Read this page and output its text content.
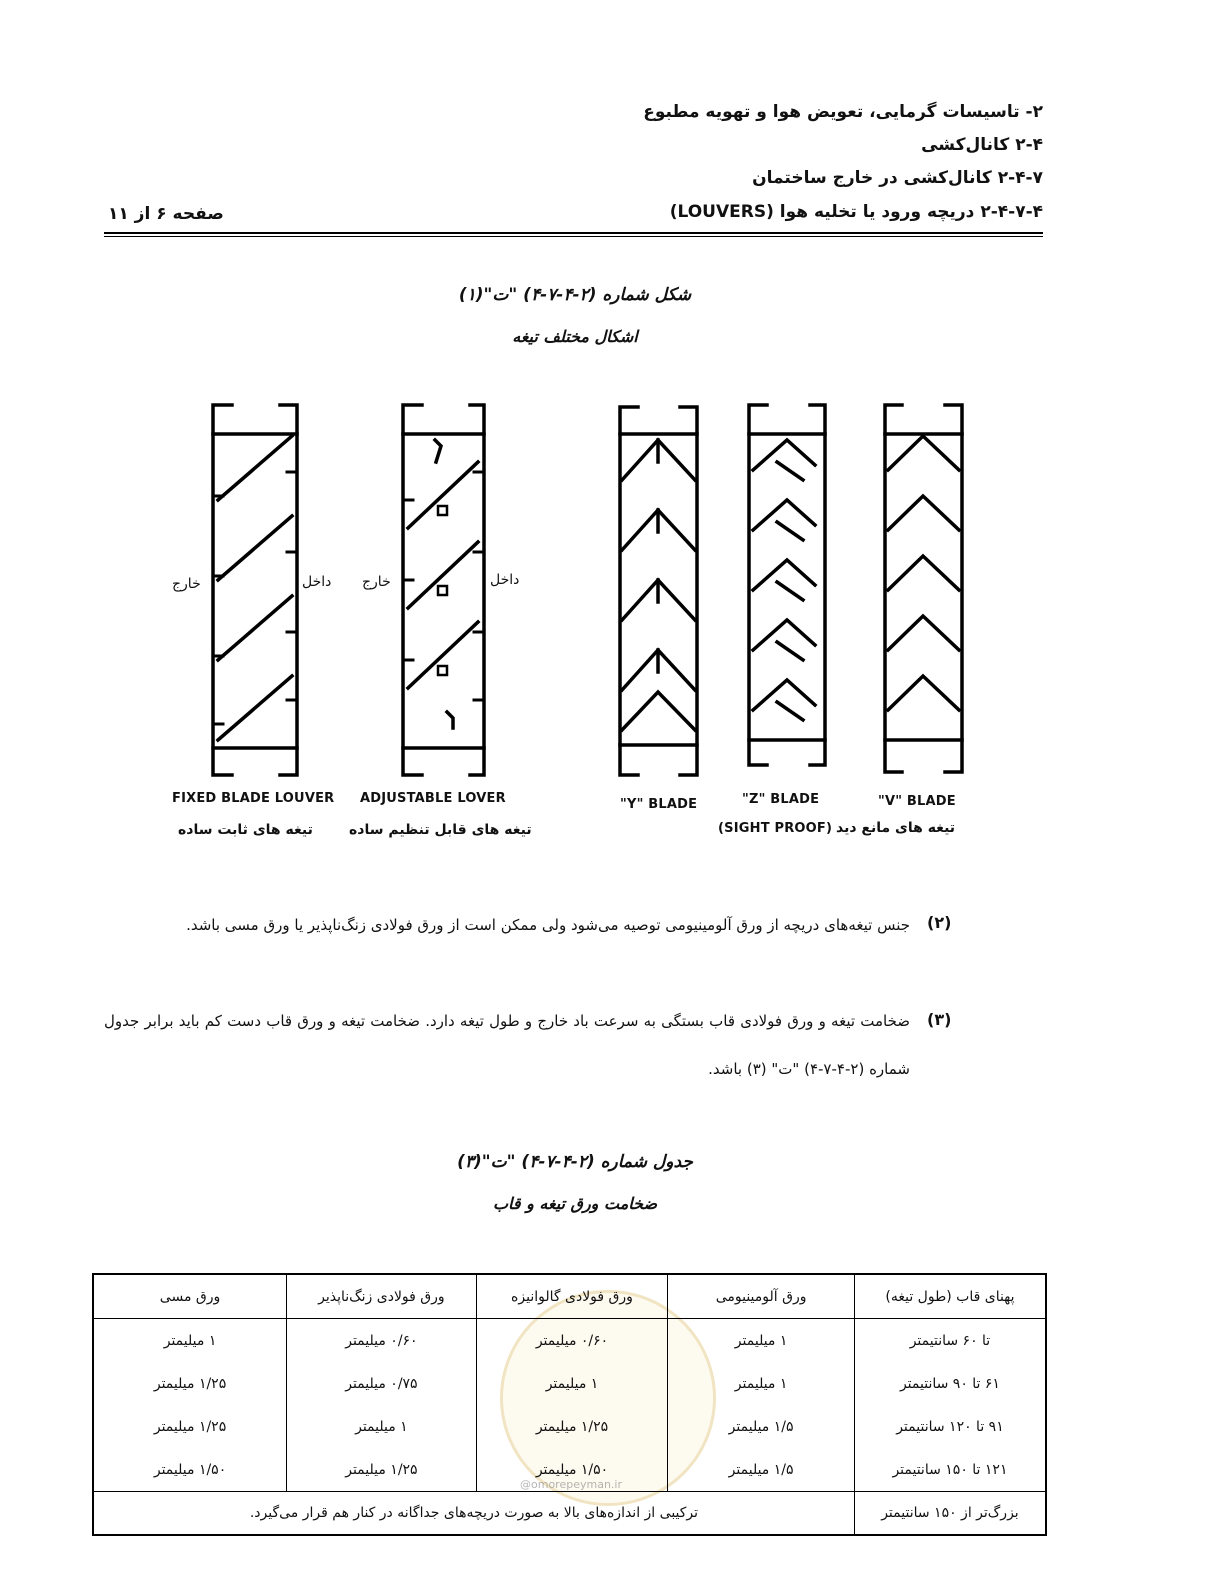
۲- تاسیسات گرمایی، تعویض هوا و تهویه مطبوع
۲-۴ کانال‌کشی
۲-۴-۷ کانال‌کشی در خارج ساختمان
۲-۴-۷-۴ دریچه ورود یا تخلیه هوا (LOUVERS)
صفحه ۶ از ۱۱
شکل شماره (۲-۴-۷-۴) "ت"(۱)
اشکال مختلف تیغه
خارج	داخل خارج	داخل
FIXED BLADE LOUVER
تیغه های ثابت ساده
ADJUSTABLE LOVER
تیغه های قابل تنظیم ساده
"Y" BLADE	"Z" BLADE
(SIGHT PROOF)
"V" BLADE
تیغه های مانع دید
(۲)
جنس تیغه‌های دریچه از ورق آلومینیومی توصیه می‌شود ولی ممکن است از ورق فولادی زنگ‌ناپذیر یا ورق مسی باشد.
(۳)
ضخامت تیغه و ورق فولادی قاب بستگی به سرعت باد خارج و طول تیغه دارد. ضخامت تیغه و ورق قاب دست کم باید برابر جدول شماره (۲-۴-۷-۴) "ت" (۳) باشد.
جدول شماره (۲-۴-۷-۴) "ت"(۳)
ضخامت ورق تیغه و قاب
@omorepeyman.ir
پهنای قاب (طول تیغه)	ورق آلومینیومی	ورق فولادی گالوانیزه	ورق فولادی زنگ‌ناپذیر	ورق مسی
تا ۶۰ سانتیمتر	۱ میلیمتر	۰/۶۰ میلیمتر	۰/۶۰ میلیمتر	۱ میلیمتر
۶۱ تا ۹۰ سانتیمتر	۱ میلیمتر	۱ میلیمتر	۰/۷۵ میلیمتر	۱/۲۵ میلیمتر
۹۱ تا ۱۲۰ سانتیمتر	۱/۵ میلیمتر	۱/۲۵ میلیمتر	۱ میلیمتر	۱/۲۵ میلیمتر
۱۲۱ تا ۱۵۰ سانتیمتر	۱/۵ میلیمتر	۱/۵۰ میلیمتر	۱/۲۵ میلیمتر	۱/۵۰ میلیمتر
بزرگ‌تر از ۱۵۰ سانتیمتر	ترکیبی از اندازه‌های بالا به صورت دریچه‌های جداگانه در کنار هم قرار می‌گیرد.			
